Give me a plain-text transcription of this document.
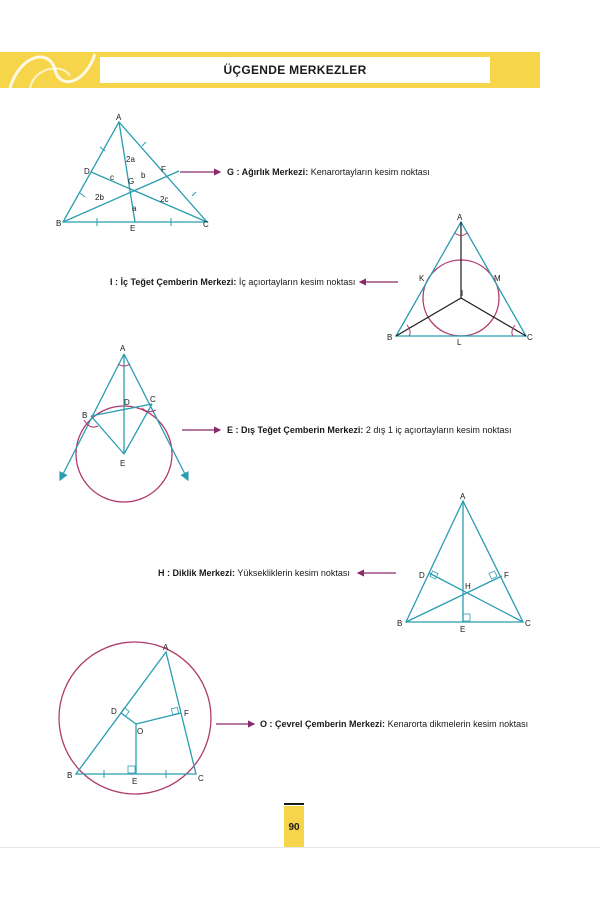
ÜÇGENDE MERKEZLER
A
B	C
D
E
F
G
2a
a
2b
b
2c
c
A
B	C
K
L
M
I
A
B
C
D
E
A
B	C
D
E
F
H
A
B	C
D
E
F
O
G : Ağırlık Merkezi: Kenarortayların kesim noktası
I : İç Teğet Çemberin Merkezi: İç açıortayların kesim noktası
E : Dış Teğet Çemberin Merkezi: 2 dış 1 iç açıortayların kesim noktası
H : Diklik Merkezi: Yüksekliklerin kesim noktası
O : Çevrel Çemberin Merkezi: Kenarorta dikmelerin kesim noktası
90
